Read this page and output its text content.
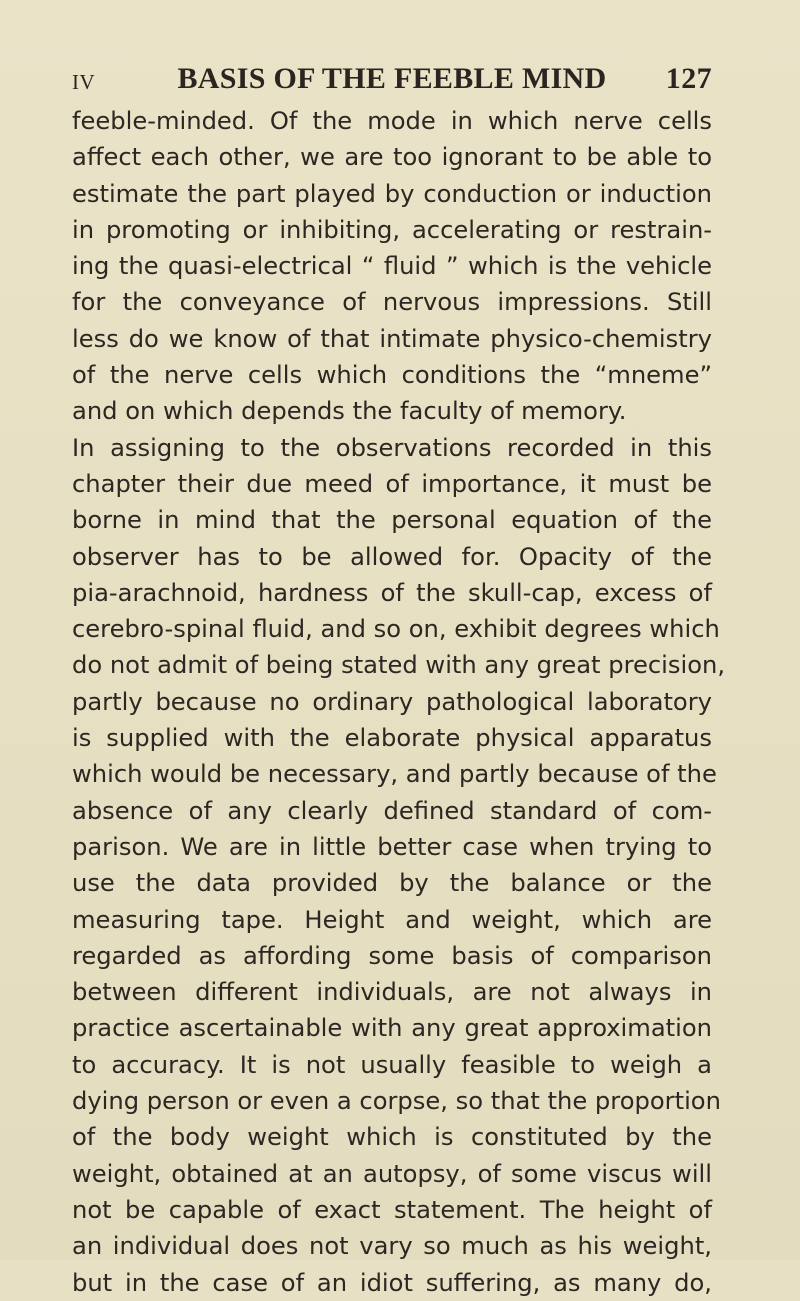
IV	BASIS OF THE FEEBLE MIND	127
feeble-minded. Of the mode in which nerve cells
affect each other, we are too ignorant to be able to
estimate the part played by conduction or induction
in promoting or inhibiting, accelerating or restrain-
ing the quasi-electrical “ fluid ” which is the vehicle
for the conveyance of nervous impressions. Still
less do we know of that intimate physico-chemistry
of the nerve cells which conditions the “mneme”
and on which depends the faculty of memory.
In assigning to the observations recorded in this
chapter their due meed of importance, it must be
borne in mind that the personal equation of the
observer has to be allowed for. Opacity of the
pia-arachnoid, hardness of the skull-cap, excess of
cerebro-spinal fluid, and so on, exhibit degrees which
do not admit of being stated with any great precision,
partly because no ordinary pathological laboratory
is supplied with the elaborate physical apparatus
which would be necessary, and partly because of the
absence of any clearly defined standard of com-
parison. We are in little better case when trying to
use the data provided by the balance or the
measuring tape. Height and weight, which are
regarded as affording some basis of comparison
between different individuals, are not always in
practice ascertainable with any great approximation
to accuracy. It is not usually feasible to weigh a
dying person or even a corpse, so that the proportion
of the body weight which is constituted by the
weight, obtained at an autopsy, of some viscus will
not be capable of exact statement. The height of
an individual does not vary so much as his weight,
but in the case of an idiot suffering, as many do,
